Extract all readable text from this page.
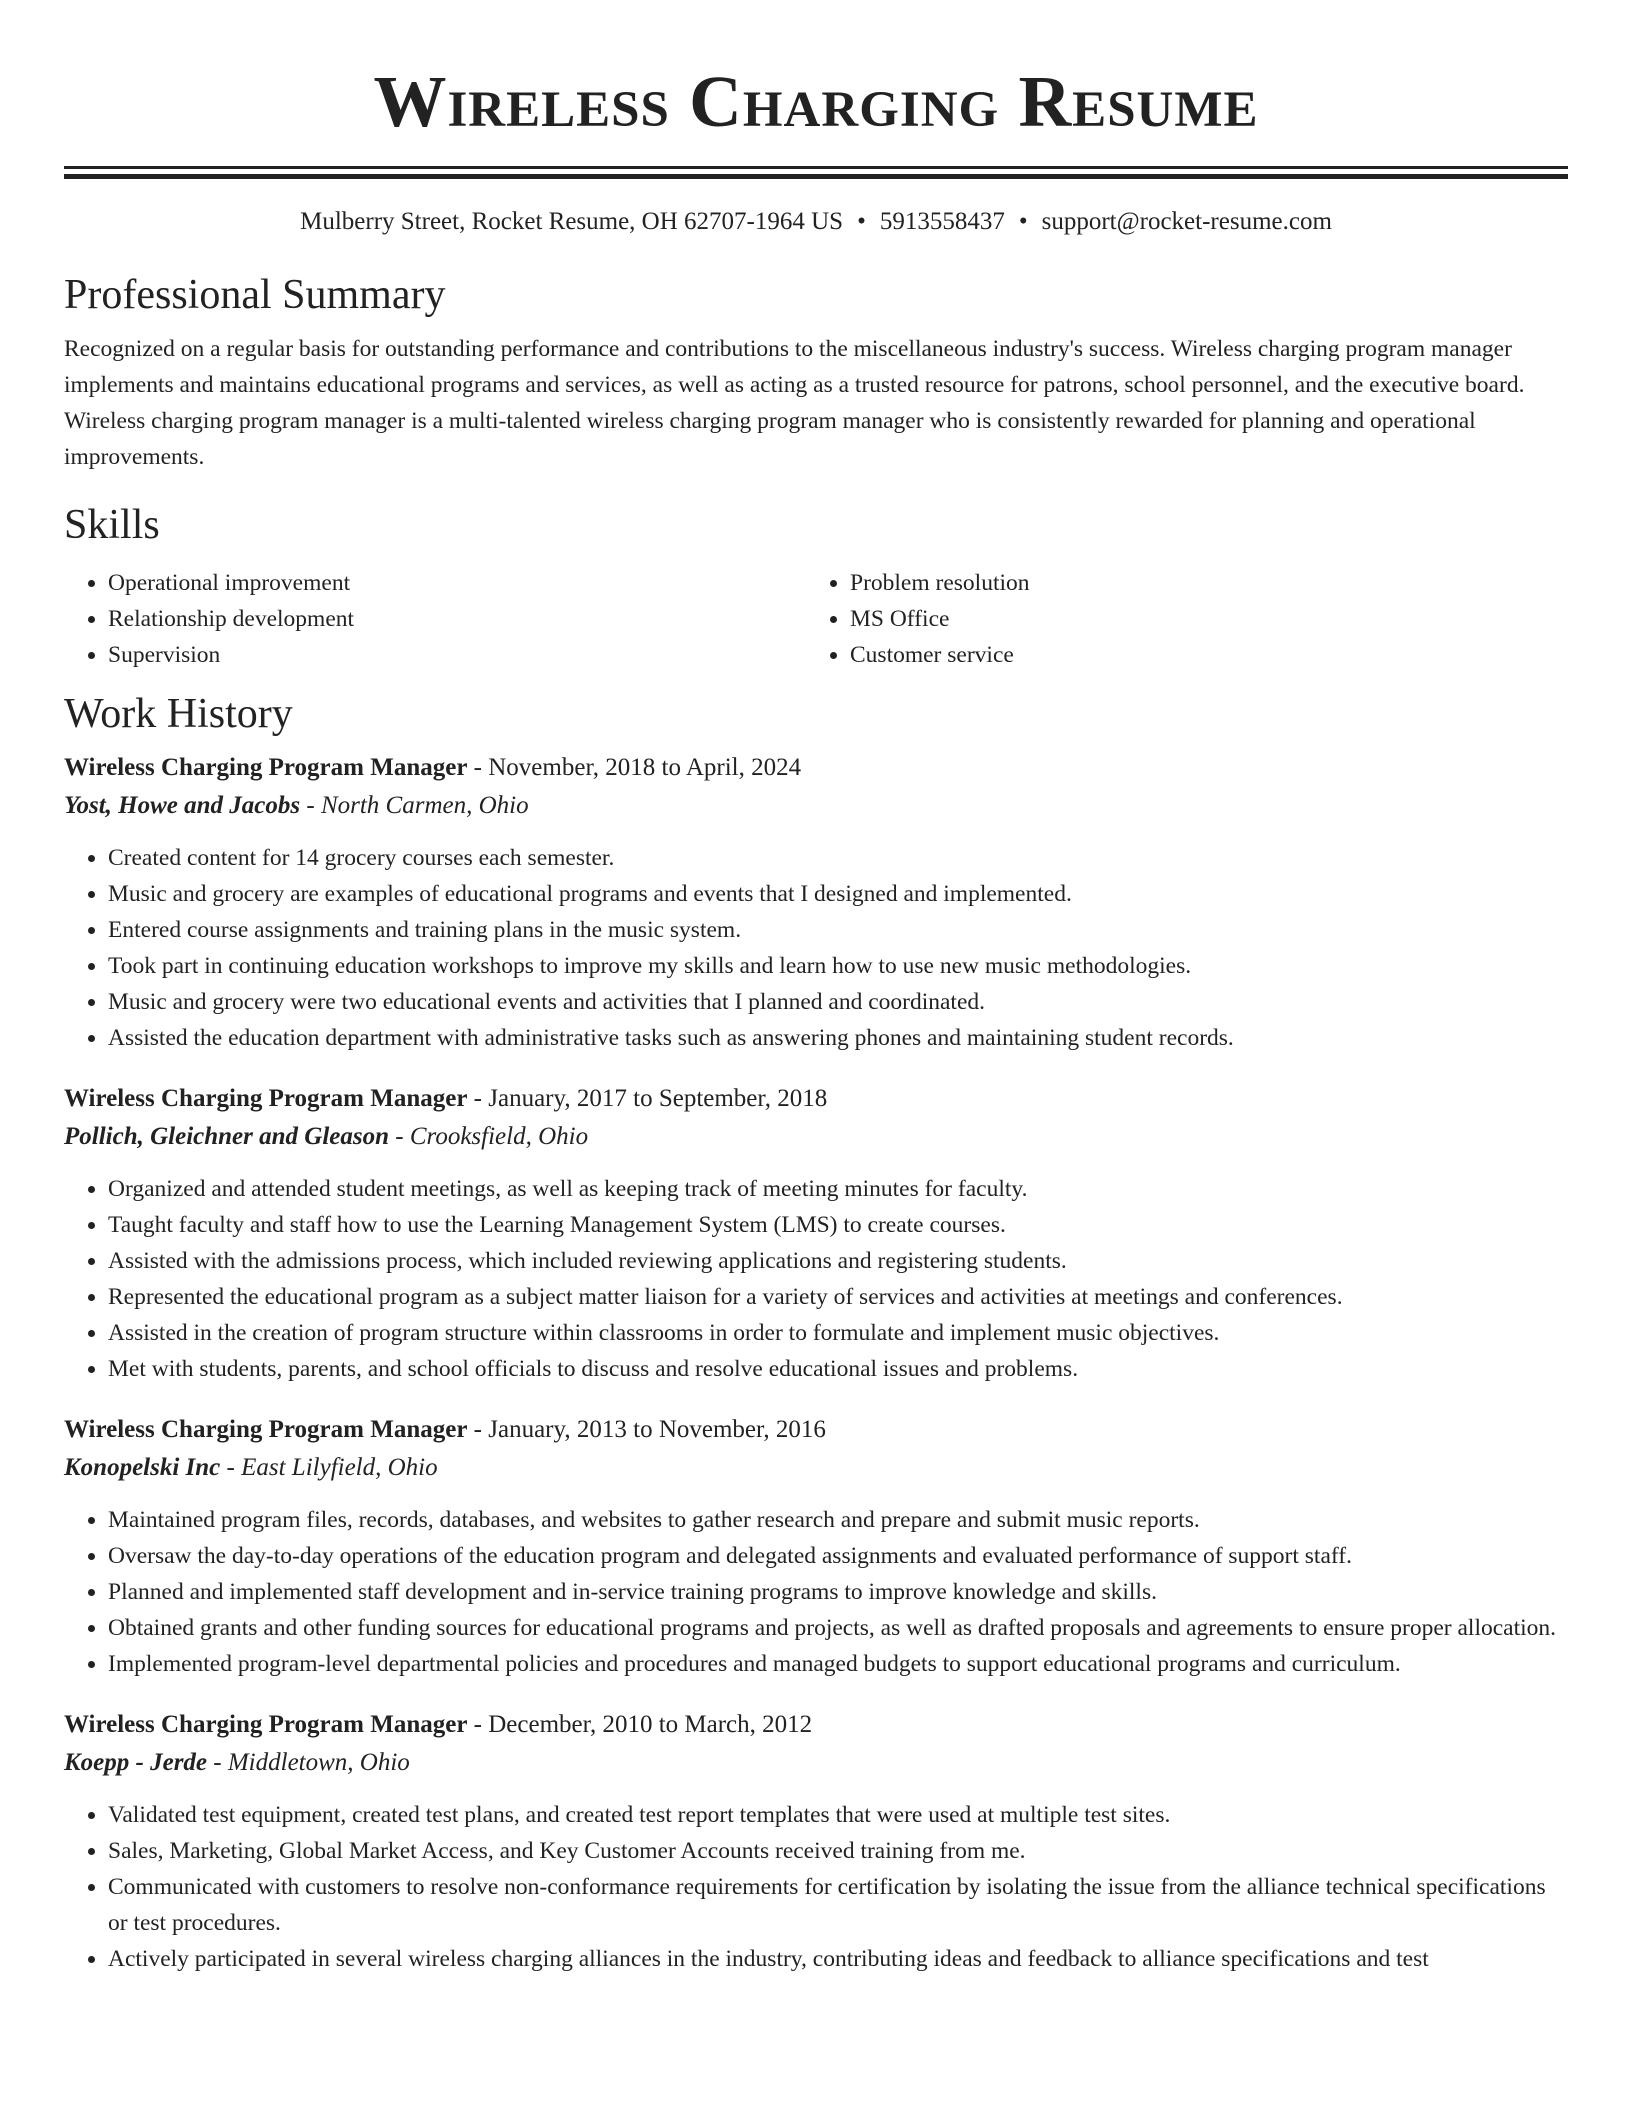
Wireless Charging Resume
Mulberry Street, Rocket Resume, OH 62707-1964 US • 5913558437 • support@rocket-resume.com
Professional Summary

Recognized on a regular basis for outstanding performance and contributions to the miscellaneous industry's success. Wireless charging program manager implements and maintains educational programs and services, as well as acting as a trusted resource for patrons, school personnel, and the executive board. Wireless charging program manager is a multi-talented wireless charging program manager who is consistently rewarded for planning and operational improvements.

Skills
• Operational improvement
• Relationship development
• Supervision
• Problem resolution
• MS Office
• Customer service
Work History
Wireless Charging Program Manager - November, 2018 to April, 2024
Yost, Howe and Jacobs - North Carmen, Ohio
• Created content for 14 grocery courses each semester.
• Music and grocery are examples of educational programs and events that I designed and implemented.
• Entered course assignments and training plans in the music system.
• Took part in continuing education workshops to improve my skills and learn how to use new music methodologies.
• Music and grocery were two educational events and activities that I planned and coordinated.
• Assisted the education department with administrative tasks such as answering phones and maintaining student records.
Wireless Charging Program Manager - January, 2017 to September, 2018
Pollich, Gleichner and Gleason - Crooksfield, Ohio
• Organized and attended student meetings, as well as keeping track of meeting minutes for faculty.
• Taught faculty and staff how to use the Learning Management System (LMS) to create courses.
• Assisted with the admissions process, which included reviewing applications and registering students.
• Represented the educational program as a subject matter liaison for a variety of services and activities at meetings and conferences.
• Assisted in the creation of program structure within classrooms in order to formulate and implement music objectives.
• Met with students, parents, and school officials to discuss and resolve educational issues and problems.
Wireless Charging Program Manager - January, 2013 to November, 2016
Konopelski Inc - East Lilyfield, Ohio
• Maintained program files, records, databases, and websites to gather research and prepare and submit music reports.
• Oversaw the day-to-day operations of the education program and delegated assignments and evaluated performance of support staff.
• Planned and implemented staff development and in-service training programs to improve knowledge and skills.
• Obtained grants and other funding sources for educational programs and projects, as well as drafted proposals and agreements to ensure proper allocation.
• Implemented program-level departmental policies and procedures and managed budgets to support educational programs and curriculum.
Wireless Charging Program Manager - December, 2010 to March, 2012
Koepp - Jerde - Middletown, Ohio
• Validated test equipment, created test plans, and created test report templates that were used at multiple test sites.
• Sales, Marketing, Global Market Access, and Key Customer Accounts received training from me.
• Communicated with customers to resolve non-conformance requirements for certification by isolating the issue from the alliance technical specifications or test procedures.
• Actively participated in several wireless charging alliances in the industry, contributing ideas and feedback to alliance specifications and test
